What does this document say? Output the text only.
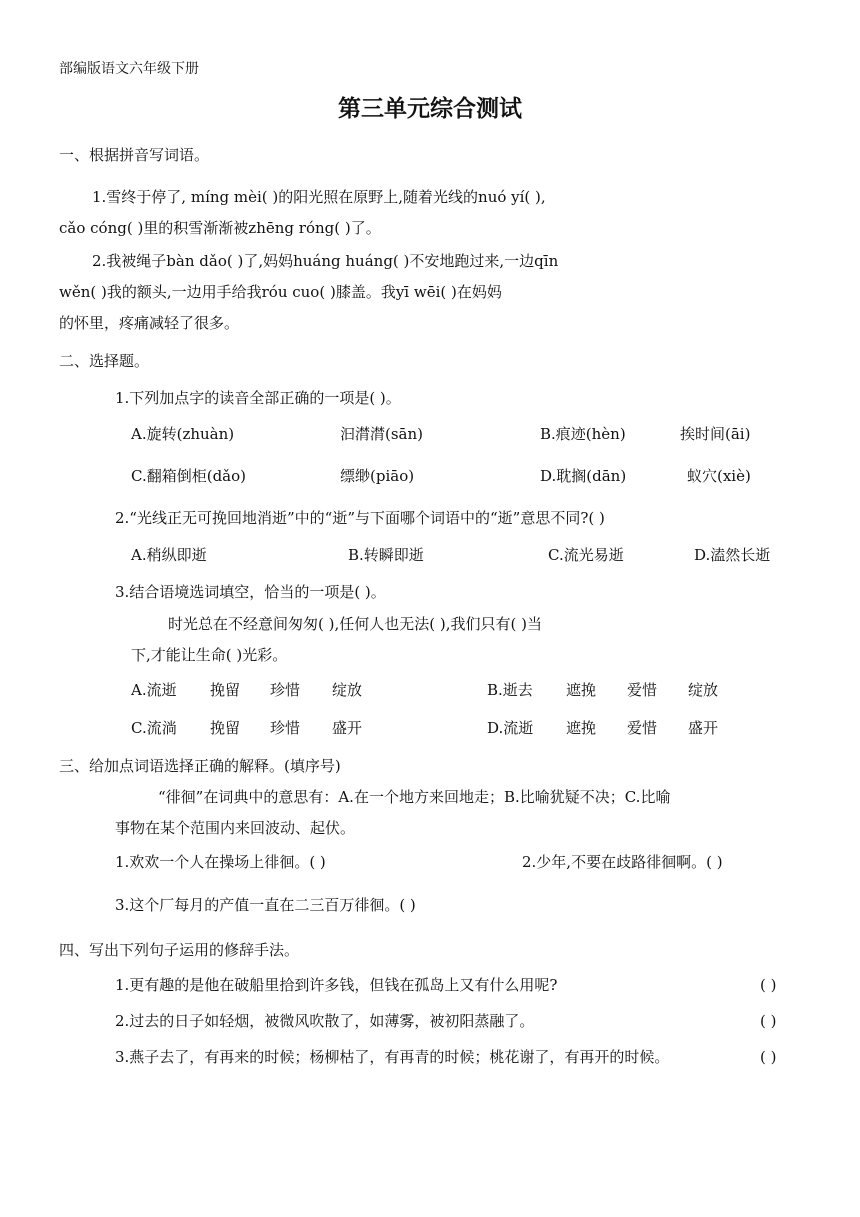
部编版语文六年级下册
第三单元综合测试
一、根据拼音写词语。
1.雪终于停了, míng mèi( )的阳光照在原野上,随着光线的nuó yí( ),
cǎo cóng( )里的积雪渐渐被zhēng róng( )了。
2.我被绳子bàn dǎo( )了,妈妈huáng huáng( )不安地跑过来,一边qīn
wěn( )我的额头,一边用手给我róu cuo( )膝盖。我yī wēi( )在妈妈
的怀里，疼痛减轻了很多。
二、选择题。
1.下列加点字的读音全部正确的一项是( )。
A.旋转(zhuàn)	汩潸潸(sān)	B.痕迹(hèn)	挨时间(āi)
C.翻箱倒柜(dǎo)	缥缈(piāo)	D.耽搁(dān)	蚁穴(xiè)
2.“光线正无可挽回地消逝”中的“逝”与下面哪个词语中的“逝”意思不同?( )
A.稍纵即逝	B.转瞬即逝	C.流光易逝	D.溘然长逝
3.结合语境选词填空，恰当的一项是( )。
时光总在不经意间匆匆( ),任何人也无法( ),我们只有( )当
下,才能让生命( )光彩。
A.流逝 挽留 珍惜 绽放	B.逝去 遮挽 爱惜 绽放
C.流淌 挽留 珍惜 盛开	D.流逝 遮挽 爱惜 盛开
三、给加点词语选择正确的解释。(填序号)
“徘徊”在词典中的意思有：A.在一个地方来回地走；B.比喻犹疑不决；C.比喻
事物在某个范围内来回波动、起伏。
1.欢欢一个人在操场上徘徊。( )	2.少年,不要在歧路徘徊啊。( )
3.这个厂每月的产值一直在二三百万徘徊。( )
四、写出下列句子运用的修辞手法。
1.更有趣的是他在破船里拾到许多钱，但钱在孤岛上又有什么用呢?	( )
2.过去的日子如轻烟，被微风吹散了，如薄雾，被初阳蒸融了。	( )
3.燕子去了，有再来的时候；杨柳枯了，有再青的时候；桃花谢了，有再开的时候。	( )
